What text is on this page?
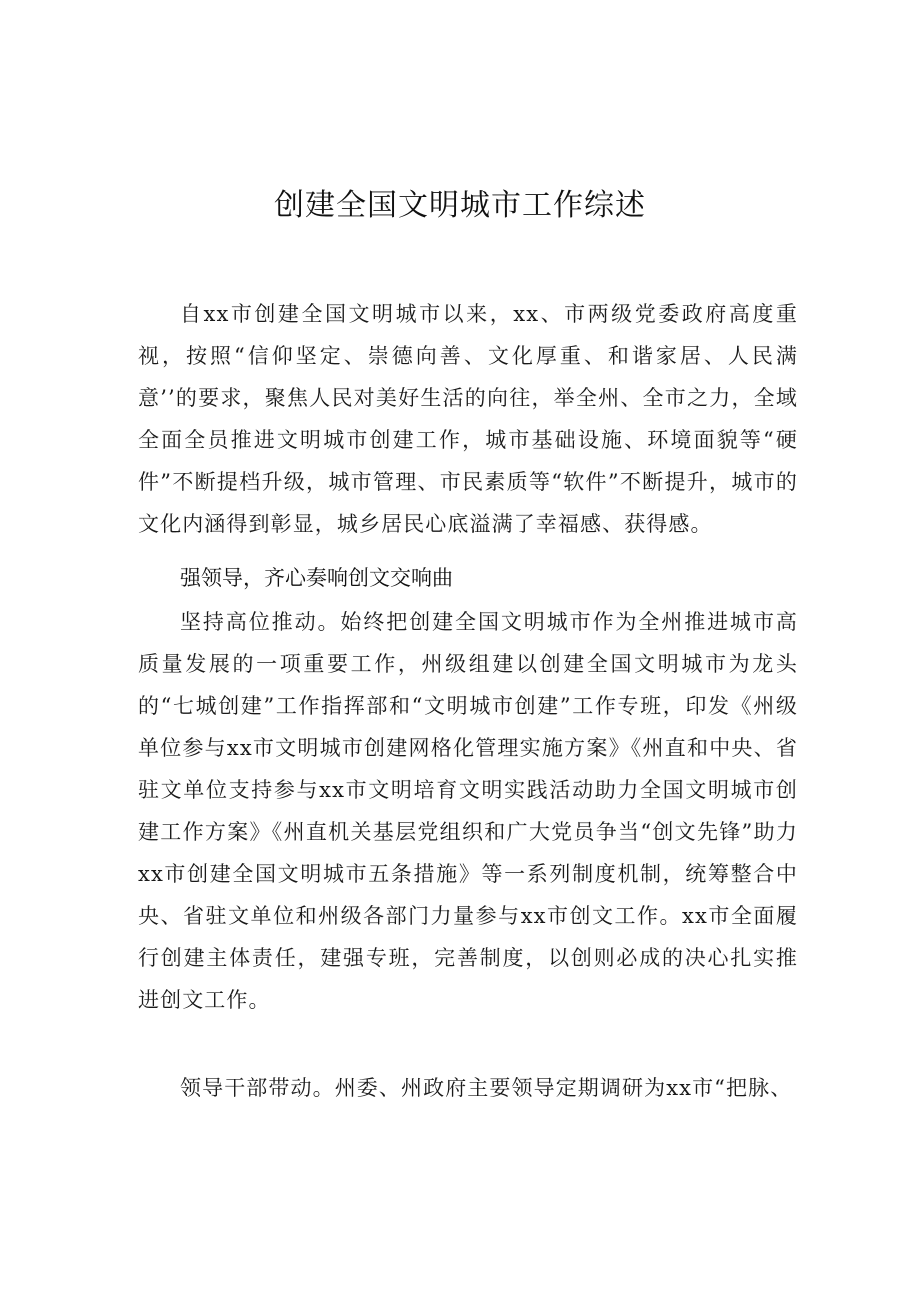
创建全国文明城市工作综述

自xx市创建全国文明城市以来，xx、市两级党委政府高度重视，按照“信仰坚定、崇德向善、文化厚重、和谐家居、人民满意’’的要求，聚焦人民对美好生活的向往，举全州、全市之力，全域全面全员推进文明城市创建工作，城市基础设施、环境面貌等“硬件”不断提档升级，城市管理、市民素质等“软件”不断提升，城市的文化内涵得到彰显，城乡居民心底溢满了幸福感、获得感。

强领导，齐心奏响创文交响曲

坚持高位推动。始终把创建全国文明城市作为全州推进城市高质量发展的一项重要工作，州级组建以创建全国文明城市为龙头的“七城创建”工作指挥部和“文明城市创建”工作专班，印发《州级单位参与xx市文明城市创建网格化管理实施方案》《州直和中央、省驻文单位支持参与xx市文明培育文明实践活动助力全国文明城市创建工作方案》《州直机关基层党组织和广大党员争当“创文先锋”助力xx市创建全国文明城市五条措施》等一系列制度机制，统筹整合中央、省驻文单位和州级各部门力量参与xx市创文工作。xx市全面履行创建主体责任，建强专班，完善制度，以创则必成的决心扎实推进创文工作。

领导干部带动。州委、州政府主要领导定期调研为xx市“把脉、
